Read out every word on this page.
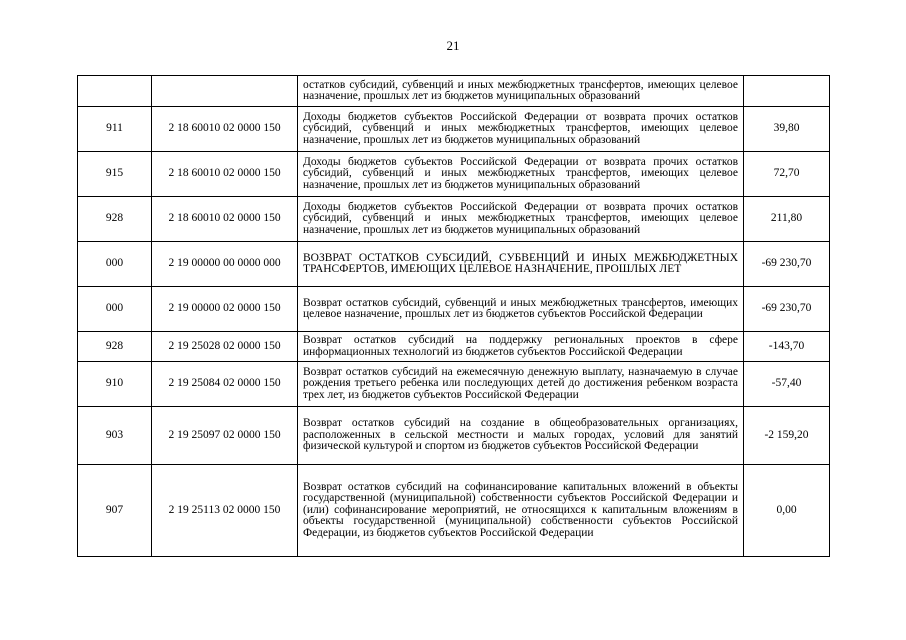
21
		остатков субсидий, субвенций и иных межбюджетных трансфертов, имеющих целевое назначение, прошлых лет из бюджетов муниципальных образований	
911	2 18 60010 02 0000 150	Доходы бюджетов субъектов Российской Федерации от возврата прочих остатков субсидий, субвенций и иных межбюджетных трансфертов, имеющих целевое назначение, прошлых лет из бюджетов муниципальных образований	39,80
915	2 18 60010 02 0000 150	Доходы бюджетов субъектов Российской Федерации от возврата прочих остатков субсидий, субвенций и иных межбюджетных трансфертов, имеющих целевое назначение, прошлых лет из бюджетов муниципальных образований	72,70
928	2 18 60010 02 0000 150	Доходы бюджетов субъектов Российской Федерации от возврата прочих остатков субсидий, субвенций и иных межбюджетных трансфертов, имеющих целевое назначение, прошлых лет из бюджетов муниципальных образований	211,80
000	2 19 00000 00 0000 000	ВОЗВРАТ ОСТАТКОВ СУБСИДИЙ, СУБВЕНЦИЙ И ИНЫХ МЕЖБЮДЖЕТНЫХ ТРАНСФЕРТОВ, ИМЕЮЩИХ ЦЕЛЕВОЕ НАЗНАЧЕНИЕ, ПРОШЛЫХ ЛЕТ	-69 230,70
000	2 19 00000 02 0000 150	Возврат остатков субсидий, субвенций и иных межбюджетных трансфертов, имеющих целевое назначение, прошлых лет из бюджетов субъектов Российской Федерации	-69 230,70
928	2 19 25028 02 0000 150	Возврат остатков субсидий на поддержку региональных проектов в сфере информационных технологий из бюджетов субъектов Российской Федерации	-143,70
910	2 19 25084 02 0000 150	Возврат остатков субсидий на ежемесячную денежную выплату, назначаемую в случае рождения третьего ребенка или последующих детей до достижения ребенком возраста трех лет, из бюджетов субъектов Российской Федерации	-57,40
903	2 19 25097 02 0000 150	Возврат остатков субсидий на создание в общеобразовательных организациях, расположенных в сельской местности и малых городах, условий для занятий физической культурой и спортом из бюджетов субъектов Российской Федерации	-2 159,20
907	2 19 25113 02 0000 150	Возврат остатков субсидий на софинансирование капитальных вложений в объекты государственной (муниципальной) собственности субъектов Российской Федерации и (или) софинансирование мероприятий, не относящихся к капитальным вложениям в объекты государственной (муниципальной) собственности субъектов Российской Федерации, из бюджетов субъектов Российской Федерации	0,00
